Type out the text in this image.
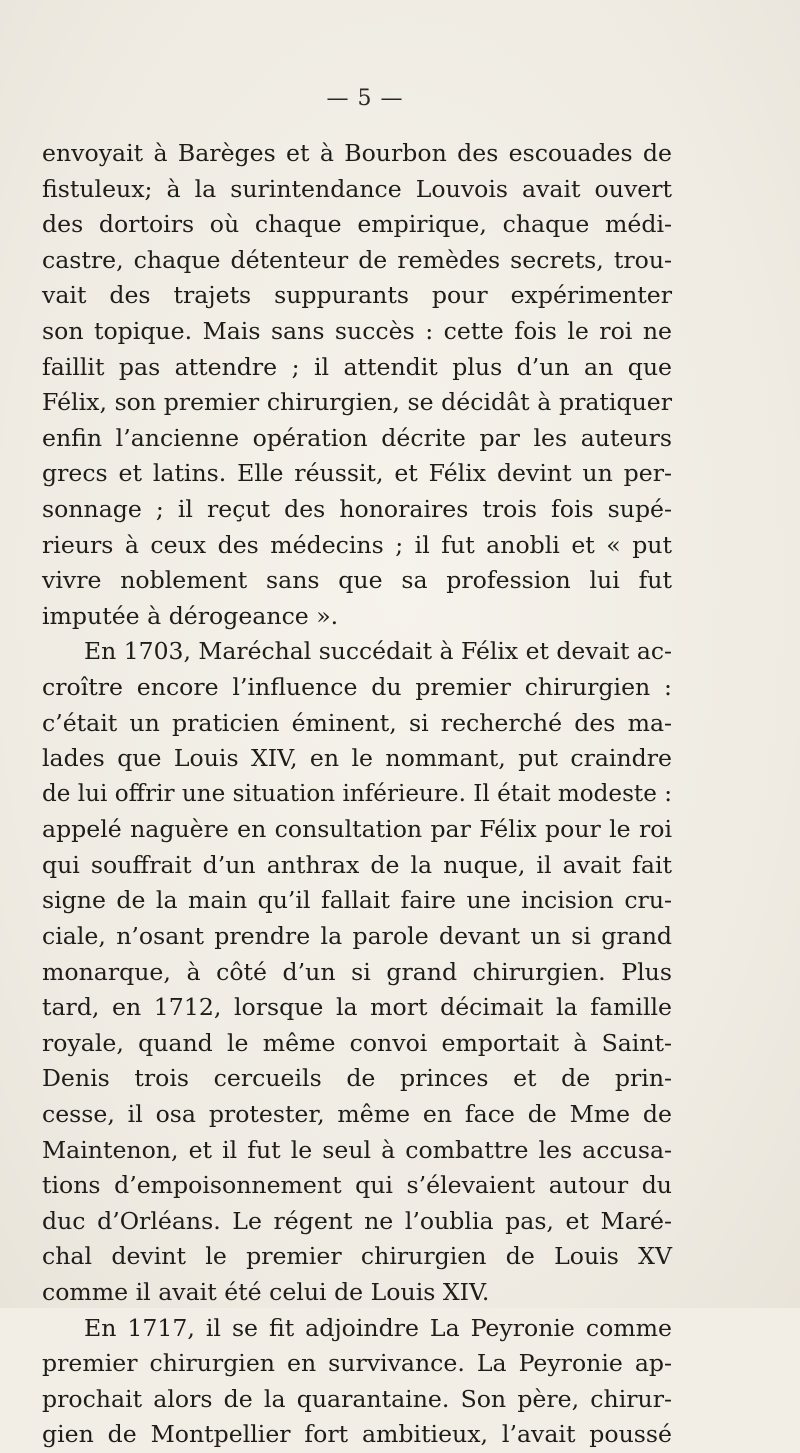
— 5 —
envoyait à Barèges et à Bourbon des escouades de
fistuleux; à la surintendance Louvois avait ouvert
des dortoirs où chaque empirique, chaque médi-
castre, chaque détenteur de remèdes secrets, trou-
vait des trajets suppurants pour expérimenter
son topique. Mais sans succès : cette fois le roi ne
faillit pas attendre ; il attendit plus d’un an que
Félix, son premier chirurgien, se décidât à pratiquer
enfin l’ancienne opération décrite par les auteurs
grecs et latins. Elle réussit, et Félix devint un per-
sonnage ; il reçut des honoraires trois fois supé-
rieurs à ceux des médecins ; il fut anobli et « put
vivre noblement sans que sa profession lui fut
imputée à dérogeance ».
En 1703, Maréchal succédait à Félix et devait ac-
croître encore l’influence du premier chirurgien :
c’était un praticien éminent, si recherché des ma-
lades que Louis XIV, en le nommant, put craindre
de lui offrir une situation inférieure. Il était modeste :
appelé naguère en consultation par Félix pour le roi
qui souffrait d’un anthrax de la nuque, il avait fait
signe de la main qu’il fallait faire une incision cru-
ciale, n’osant prendre la parole devant un si grand
monarque, à côté d’un si grand chirurgien. Plus
tard, en 1712, lorsque la mort décimait la famille
royale, quand le même convoi emportait à Saint-
Denis trois cercueils de princes et de prin-
cesse, il osa protester, même en face de Mme de
Maintenon, et il fut le seul à combattre les accusa-
tions d’empoisonnement qui s’élevaient autour du
duc d’Orléans. Le régent ne l’oublia pas, et Maré-
chal devint le premier chirurgien de Louis XV
comme il avait été celui de Louis XIV.
En 1717, il se fit adjoindre La Peyronie comme
premier chirurgien en survivance. La Peyronie ap-
prochait alors de la quarantaine. Son père, chirur-
gien de Montpellier fort ambitieux, l’avait poussé
